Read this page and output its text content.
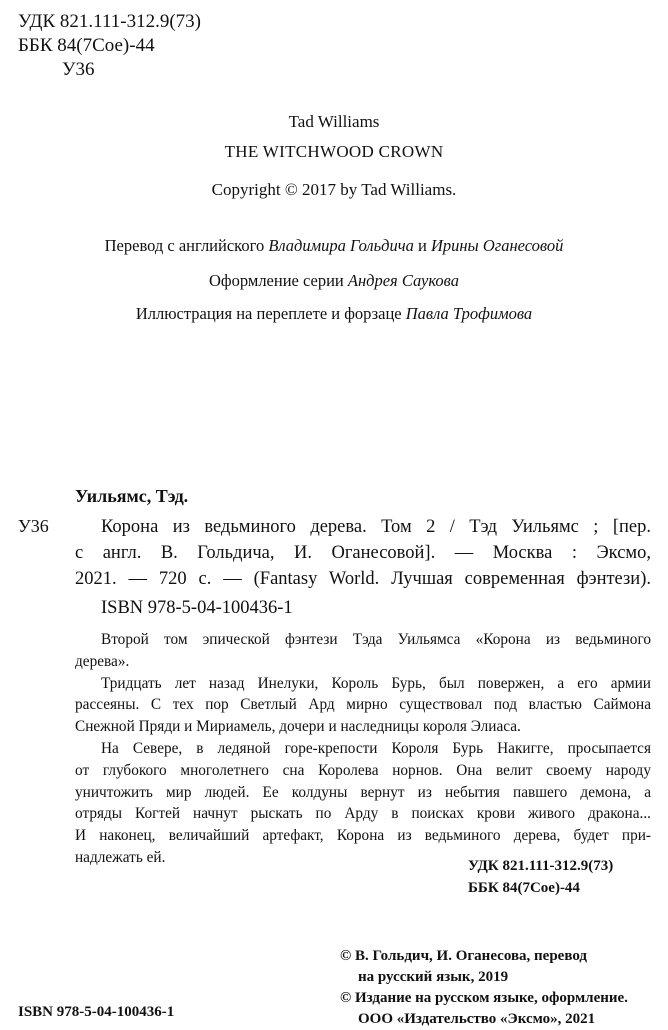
УДК 821.111-312.9(73)
ББК 84(7Сое)-44
У36
Tad Williams
THE WITCHWOOD CROWN
Copyright © 2017 by Tad Williams.
Перевод с английского Владимира Гольдича и Ирины Оганесовой
Оформление серии Андрея Саукова
Иллюстрация на переплете и форзаце Павла Трофимова
Уильямс, Тэд.
У36	Корона из ведьминого дерева. Том 2 / Тэд Уильямс ; [пер.
с англ. В. Гольдича, И. Оганесовой]. — Москва : Эксмо,
2021. — 720 с. — (Fantasy World. Лучшая современная фэнтези).
ISBN 978-5-04-100436-1

Второй том эпической фэнтези Тэда Уильямса «Корона из ведьминого
дерева».

Тридцать лет назад Инелуки, Король Бурь, был повержен, а его армии
рассеяны. С тех пор Светлый Ард мирно существовал под властью Саймона
Снежной Пряди и Мириамель, дочери и наследницы короля Элиаса.

На Севере, в ледяной горе-крепости Короля Бурь Накигге, просыпается
от глубокого многолетнего сна Королева норнов. Она велит своему народу
уничтожить мир людей. Ее колдуны вернут из небытия павшего демона, а
отряды Когтей начнут рыскать по Арду в поисках крови живого дракона...
И наконец, величайший артефакт, Корона из ведьминого дерева, будет при-
надлежать ей.

УДК 821.111-312.9(73)
ББК 84(7Сое)-44
© В. Гольдич, И. Оганесова, перевод
на русский язык, 2019
© Издание на русском языке, оформление.
ООО «Издательство «Эксмо», 2021
ISBN 978-5-04-100436-1
